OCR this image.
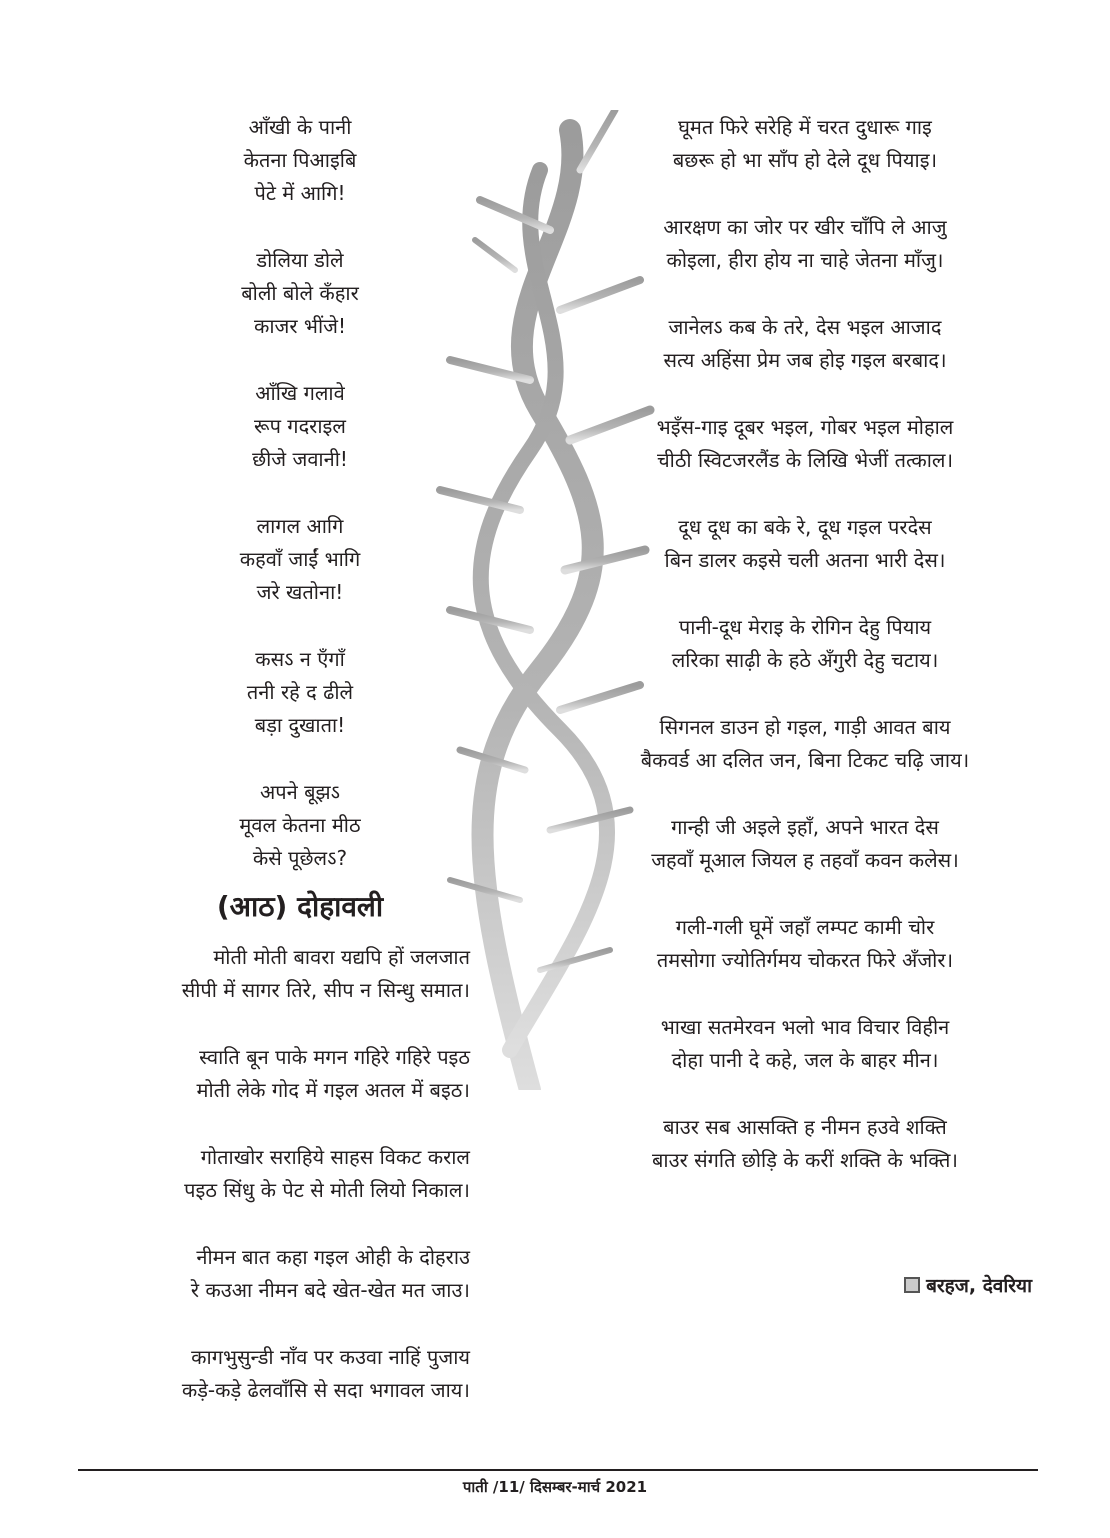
आँखी के पानी
केतना पिआइबि
पेटे में आगि!
डोलिया डोले
बोली बोले कँहार
काजर भींजे!
आँखि गलावे
रूप गदराइल
छीजे जवानी!
लागल आगि
कहवाँ जाईं भागि
जरे खतोना!
कसऽ न एँगाँ
तनी रहे द ढीले
बड़ा दुखाता!
अपने बूझऽ
मूवल केतना मीठ
केसे पूछेलऽ?
(आठ) दोहावली
मोती मोती बावरा यद्यपि हों जलजात
सीपी में सागर तिरे, सीप न सिन्धु समात।
स्वाति बून पाके मगन गहिरे गहिरे पइठ
मोती लेके गोद में गइल अतल में बइठ।
गोताखोर सराहिये साहस विकट कराल
पइठ सिंधु के पेट से मोती लियो निकाल।
नीमन बात कहा गइल ओही के दोहराउ
रे कउआ नीमन बदे खेत-खेत मत जाउ।
कागभुसुन्डी नाँव पर कउवा नाहिं पुजाय
कड़े-कड़े ढेलवाँसि से सदा भगावल जाय।
घूमत फिरे सरेहि में चरत दुधारू गाइ
बछरू हो भा साँप हो देले दूध पियाइ।
आरक्षण का जोर पर खीर चाँपि ले आजु
कोइला, हीरा होय ना चाहे जेतना माँजु।
जानेलऽ कब के तरे, देस भइल आजाद
सत्य अहिंसा प्रेम जब होइ गइल बरबाद।
भइँस-गाइ दूबर भइल, गोबर भइल मोहाल
चीठी स्विटजरलैंड के लिखि भेजीं तत्काल।
दूध दूध का बके रे, दूध गइल परदेस
बिन डालर कइसे चली अतना भारी देस।
पानी-दूध मेराइ के रोगिन देहु पियाय
लरिका साढ़ी के हठे अँगुरी देहु चटाय।
सिगनल डाउन हो गइल, गाड़ी आवत बाय
बैकवर्ड आ दलित जन, बिना टिकट चढ़ि जाय।
गान्ही जी अइले इहाँ, अपने भारत देस
जहवाँ मूआल जियल ह तहवाँ कवन कलेस।
गली-गली घूमें जहाँ लम्पट कामी चोर
तमसोगा ज्योतिर्गमय चोकरत फिरे अँजोर।
भाखा सतमेरवन भलो भाव विचार विहीन
दोहा पानी दे कहे, जल के बाहर मीन।
बाउर सब आसक्ति ह नीमन हउवे शक्ति
बाउर संगति छोड़ि के करीं शक्ति के भक्ति।
बरहज, देवरिया
पाती /11/ दिसम्बर-मार्च 2021
